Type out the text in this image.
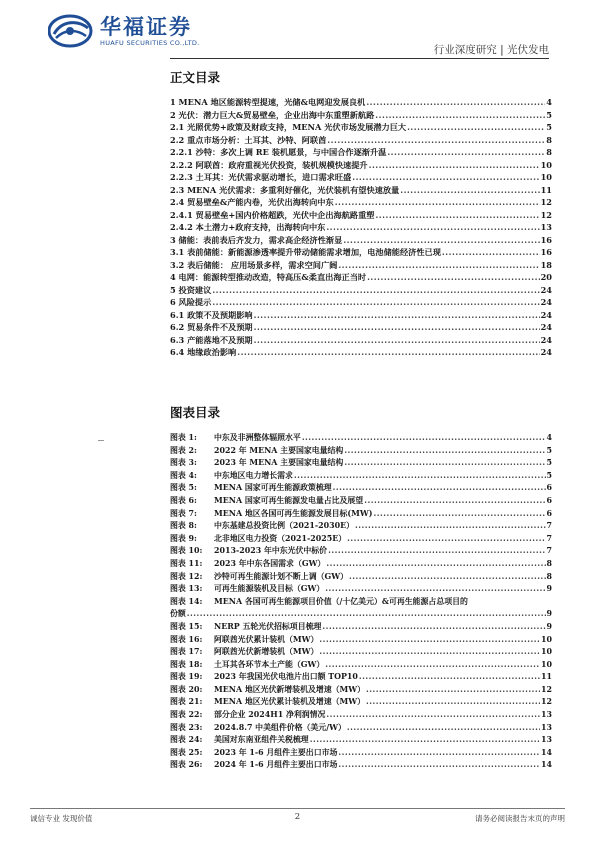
华福证券
HUAFU SECURITIES CO.,LTD.
行业深度研究 | 光伏发电
正文目录
1 MENA 地区能源转型提速，光储&电网迎发展良机 .....	4
2 光伏：潜力巨大&贸易壁垒，企业出海中东重塑新航路 .....	5
2.1 光照优势+政策及财政支持，MENA 光伏市场发展潜力巨大 .....	5
2.2 重点市场分析：土耳其、沙特、阿联酋 .....	8
2.2.1 沙特：多次上调 RE 装机愿景，与中国合作逐渐升温 .....	8
2.2.2 阿联酋：政府重视光伏投资，装机规模快速提升 .....	10
2.2.3 土耳其：光伏需求驱动增长，进口需求旺盛 .....	10
2.3 MENA 光伏需求：多重利好催化，光伏装机有望快速放量 .....	11
2.4 贸易壁垒&产能内卷，光伏出海转向中东 .....	12
2.4.1 贸易壁垒+国内价格超跌，光伏中企出海航路重塑 .....	12
2.4.2 本土潜力+政府支持，出海转向中东 .....	13
3 储能：表前表后齐发力，需求高企经济性渐显 .....	16
3.1 表前储能：新能源渗透率提升带动储能需求增加，电池储能经济性已现 .....	16
3.2 表后储能： 应用场景多样，需求空间广阔 .....	18
4 电网：能源转型推动改造，特高压&柔直出海正当时 .....	20
5 投资建议 .....	24
6 风险提示 .....	24
6.1 政策不及预期影响 .....	24
6.2 贸易条件不及预期 .....	24
6.3 产能落地不及预期 .....	24
6.4 地缘政治影响 .....	24
图表目录
图表 1:	中东及非洲整体辐照水平 .....	4
图表 2:	2022 年 MENA 主要国家电量结构 .....	5
图表 3:	2023 年 MENA 主要国家电量结构 .....	5
图表 4:	中东地区电力增长需求 .....	5
图表 5:	MENA 国家可再生能源政策梳理 .....	6
图表 6:	MENA 国家可再生能源发电量占比及展望 .....	6
图表 7:	MENA 地区各国可再生能源发展目标(MW) .....	6
图表 8:	中东基建总投资比例（2021-2030E） .....	7
图表 9:	北非地区电力投资（2021-2025E） .....	7
图表 10:	2013-2023 年中东光伏中标价 .....	7
图表 11:	2023 年中东各国需求（GW） .....	8
图表 12:	沙特可再生能源计划不断上调（GW） .....	8
图表 13:	可再生能源装机及目标（GW） .....	9
图表 14:	MENA 各国可再生能源项目价值（/十亿美元）&可再生能源占总项目的
份额 .....	9
图表 15:	NERP 五轮光伏招标项目梳理 .....	9
图表 16:	阿联酋光伏累计装机（MW） .....	10
图表 17:	阿联酋光伏新增装机（MW） .....	10
图表 18:	土耳其各环节本土产能（GW） .....	10
图表 19:	2023 年我国光伏电池片出口额 TOP10 .....	11
图表 20:	MENA 地区光伏新增装机及增速（MW） .....	12
图表 21:	MENA 地区光伏累计装机及增速（MW） .....	12
图表 22:	部分企业 2024H1 净利润情况 .....	13
图表 23:	2024.8.7 中美组件价格（美元/W） .....	13
图表 24:	美国对东南亚组件关税梳理 .....	13
图表 25:	2023 年 1-6 月组件主要出口市场 .....	14
图表 26:	2024 年 1-6 月组件主要出口市场 .....	14
诚信专业 发现价值	2	请务必阅读报告末页的声明
